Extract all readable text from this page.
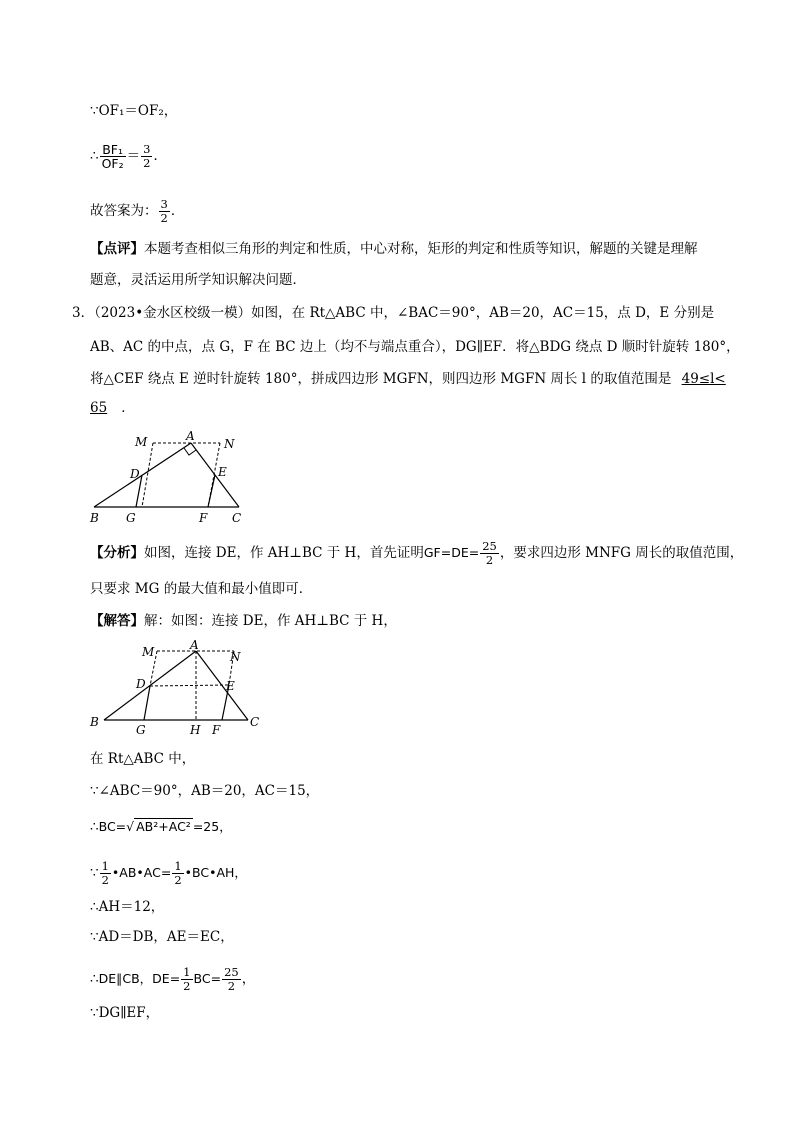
∵OF₁＝OF₂，
∴ $\frac{\text{BF₁}}{\text{OF₂}} = \frac{3}{2}$ ．
故答案为： $\frac{3}{2}$ ．
【点评】本题考查相似三角形的判定和性质，中心对称，矩形的判定和性质等知识，解题的关键是理解
题意，灵活运用所学知识解决问题．
3．（2023•金水区校级一模）如图，在 Rt△ABC 中，∠BAC＝90°，AB＝20，AC＝15，点 D，E 分别是
AB、AC 的中点，点 G，F 在 BC 边上（均不与端点重合），DG∥EF．将△BDG 绕点 D 顺时针旋转 180°，
将△CEF 绕点 E 逆时针旋转 180°，拼成四边形 MGFN，则四边形 MGFN 周长 l 的取值范围是 49≤l<
65 ．
M	A
N
D	E
B G	F C
【分析】如图，连接 DE，作 AH⊥BC 于 H，首先证明$GF=DE= \frac{25}{2}$ ，要求四边形 MNFG 周长的取值范围，
只要求 MG 的最大值和最小值即可．
【解答】解：如图：连接 DE，作 AH⊥BC 于 H，
M	A
N
D	E
B
G	H F
C
在 Rt△ABC 中，
∵∠ABC＝90°，AB＝20，AC＝15，
∴BC=√ AB²+AC² =25，
∵ $\frac{1}{2}$ •AB•AC= $\frac{1}{2}$ •BC•AH，
∴AH＝12，
∵AD＝DB，AE＝EC，
∴DE∥CB，$DE= \frac{1}{2} BC= \frac{25}{2}$ ，
∵DG∥EF，
